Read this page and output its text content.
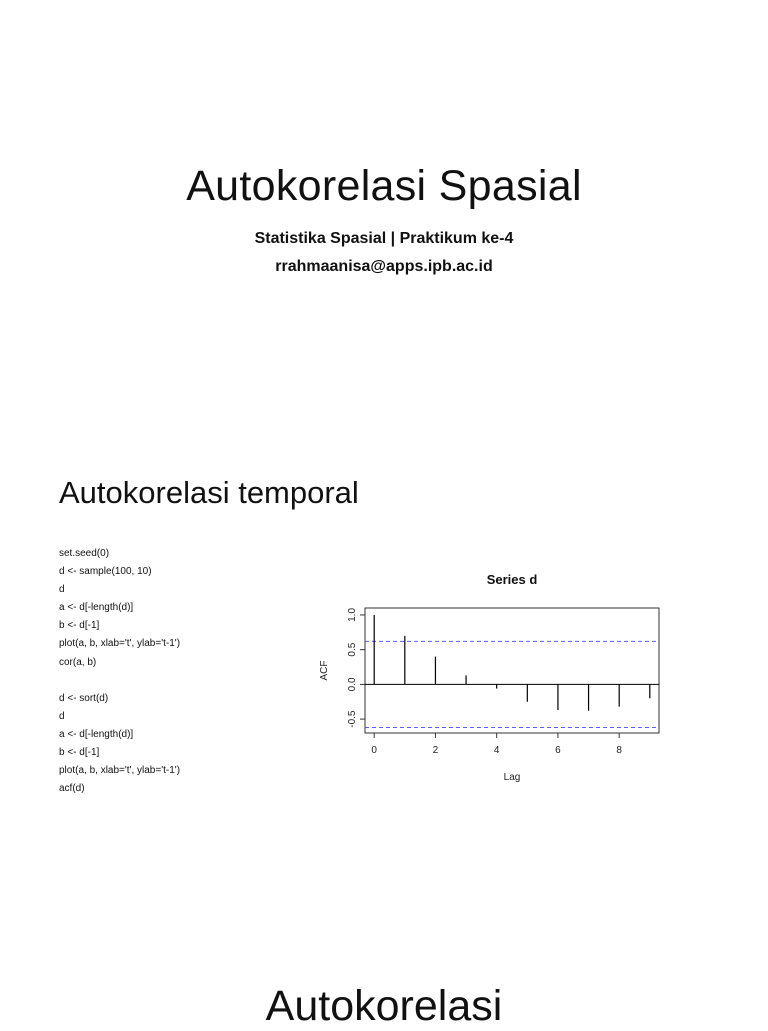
Autokorelasi Spasial
Statistika Spasial | Praktikum ke-4
rrahmaanisa@apps.ipb.ac.id
Autokorelasi temporal
set.seed(0)
d <- sample(100, 10)
d
a <- d[-length(d)]
b <- d[-1]
plot(a, b, xlab='t', ylab='t-1')
cor(a, b)
d <- sort(d)
d
a <- d[-length(d)]
b <- d[-1]
plot(a, b, xlab='t', ylab='t-1')
acf(d)
Series d
0	2	4	6	8
-0.5
0.0
0.5
1.0
Lag
ACF
Autokorelasi
